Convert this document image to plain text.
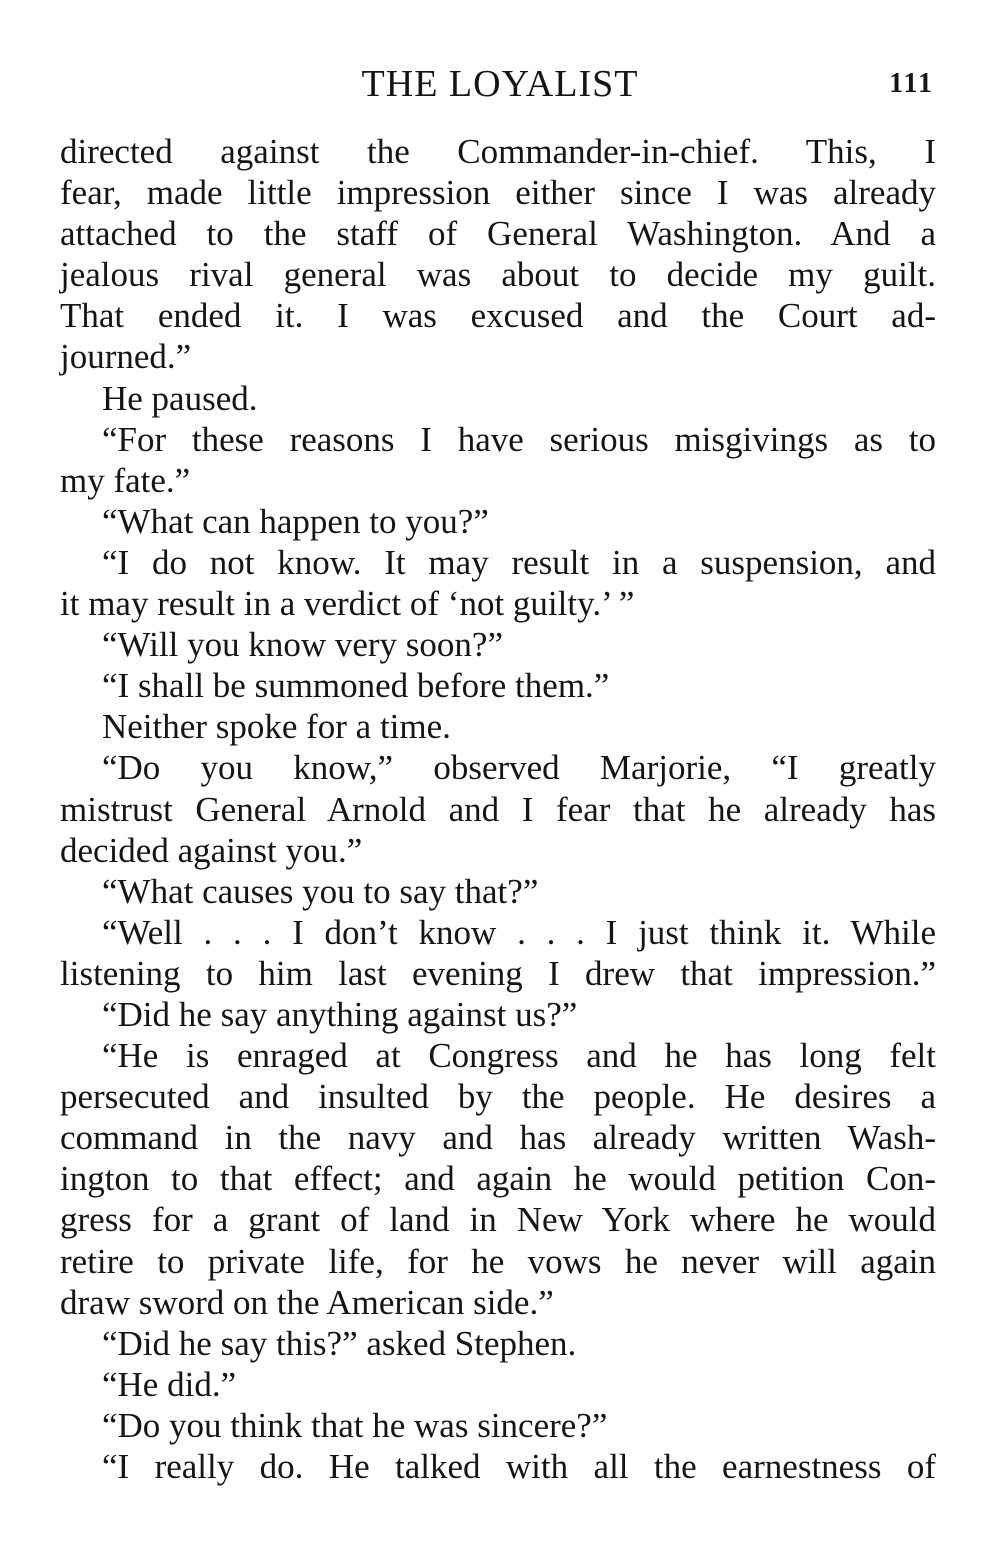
THE LOYALIST	111
directed against the Commander-in-chief. This, I
fear, made little impression either since I was already
attached to the staff of General Washington. And a
jealous rival general was about to decide my guilt.
That ended it. I was excused and the Court ad-
journed.”
He paused.
“For these reasons I have serious misgivings as to
my fate.”
“What can happen to you?”
“I do not know. It may result in a suspension, and
it may result in a verdict of ‘not guilty.’ ”
“Will you know very soon?”
“I shall be summoned before them.”
Neither spoke for a time.
“Do you know,” observed Marjorie, “I greatly
mistrust General Arnold and I fear that he already has
decided against you.”
“What causes you to say that?”
“Well . . . I don’t know . . . I just think it. While
listening to him last evening I drew that impression.”
“Did he say anything against us?”
“He is enraged at Congress and he has long felt
persecuted and insulted by the people. He desires a
command in the navy and has already written Wash-
ington to that effect; and again he would petition Con-
gress for a grant of land in New York where he would
retire to private life, for he vows he never will again
draw sword on the American side.”
“Did he say this?” asked Stephen.
“He did.”
“Do you think that he was sincere?”
“I really do. He talked with all the earnestness of
